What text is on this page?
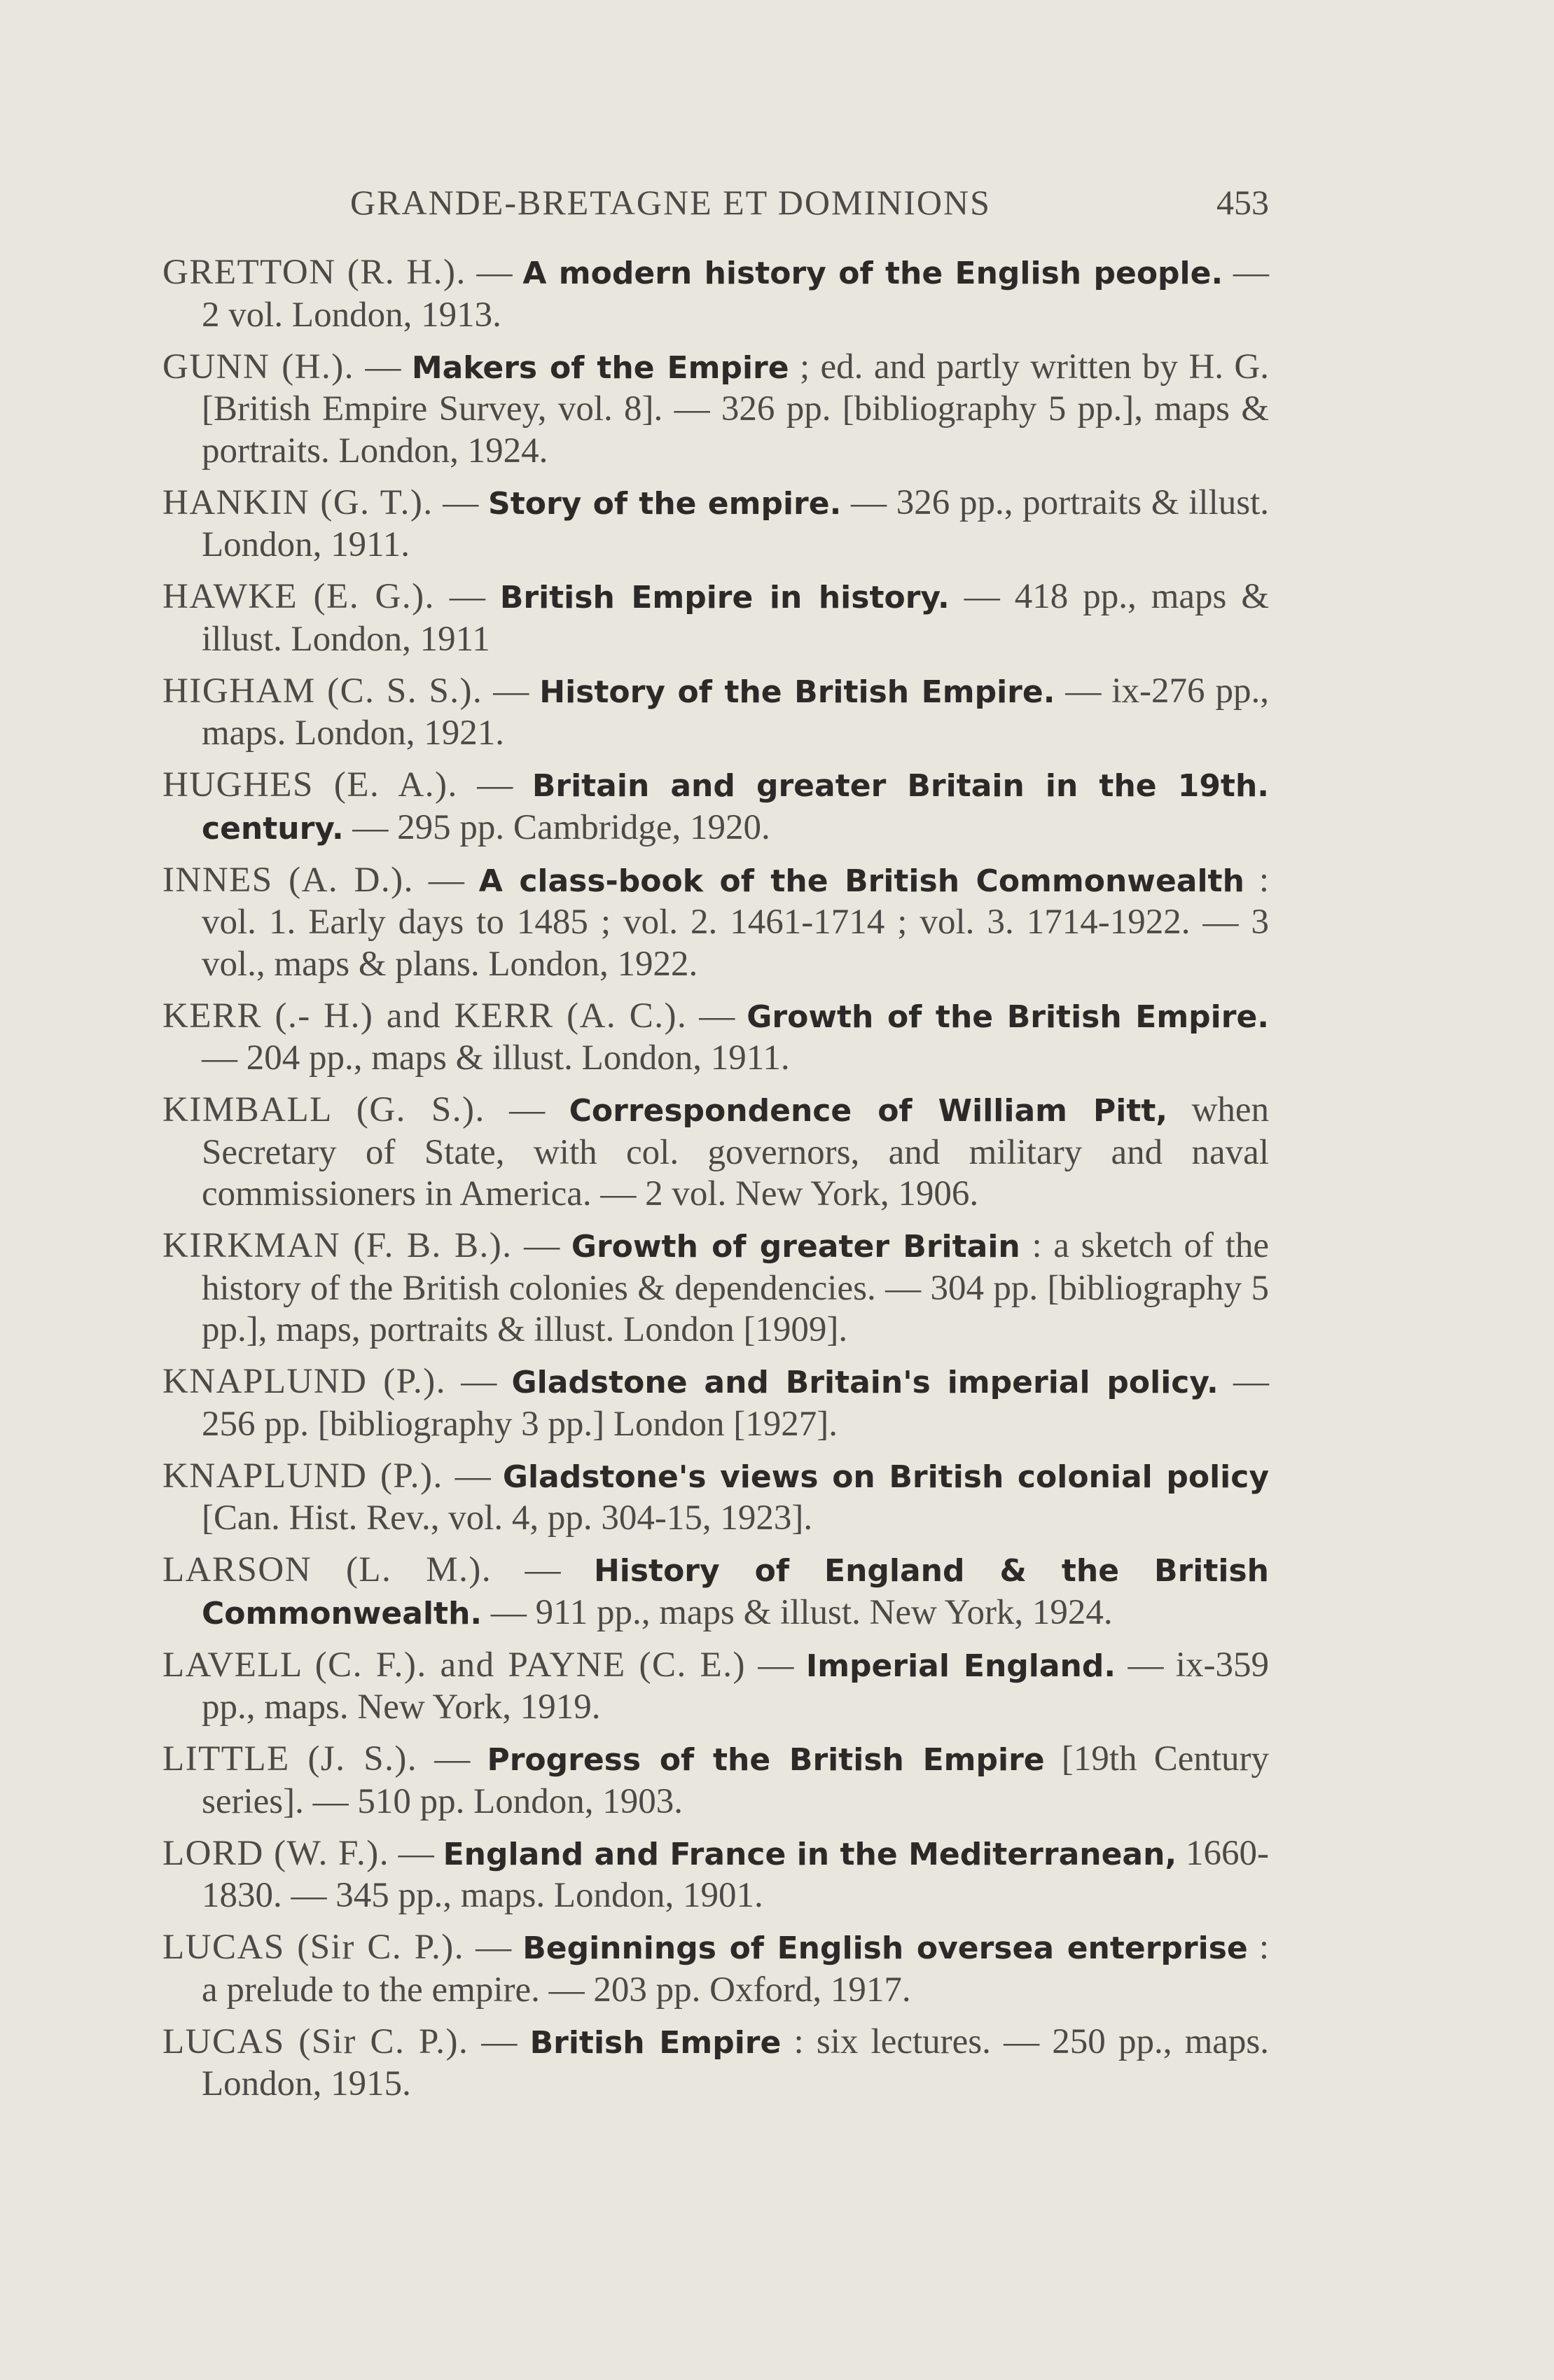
GRANDE-BRETAGNE ET DOMINIONS	453

GRETTON (R. H.). — A modern history of the English people. — 2 vol. London, 1913.

GUNN (H.). — Makers of the Empire ; ed. and partly written by H. G. [British Empire Survey, vol. 8]. — 326 pp. [bibliography 5 pp.], maps & portraits. London, 1924.

HANKIN (G. T.). — Story of the empire. — 326 pp., portraits & illust. London, 1911.

HAWKE (E. G.). — British Empire in history. — 418 pp., maps & illust. London, 1911

HIGHAM (C. S. S.). — History of the British Empire. — ix-276 pp., maps. London, 1921.

HUGHES (E. A.). — Britain and greater Britain in the 19th. century. — 295 pp. Cambridge, 1920.

INNES (A. D.). — A class-book of the British Commonwealth : vol. 1. Early days to 1485 ; vol. 2. 1461-1714 ; vol. 3. 1714-1922. — 3 vol., maps & plans. London, 1922.

KERR (.- H.) and KERR (A. C.). — Growth of the British Empire. — 204 pp., maps & illust. London, 1911.

KIMBALL (G. S.). — Correspondence of William Pitt, when Secretary of State, with col. governors, and military and naval commissioners in America. — 2 vol. New York, 1906.

KIRKMAN (F. B. B.). — Growth of greater Britain : a sketch of the history of the British colonies & dependencies. — 304 pp. [bibliography 5 pp.], maps, portraits & illust. London [1909].

KNAPLUND (P.). — Gladstone and Britain's imperial policy. — 256 pp. [bibliography 3 pp.] London [1927].

KNAPLUND (P.). — Gladstone's views on British colonial policy [Can. Hist. Rev., vol. 4, pp. 304-15, 1923].

LARSON (L. M.). — History of England & the British Commonwealth. — 911 pp., maps & illust. New York, 1924.

LAVELL (C. F.). and PAYNE (C. E.) — Imperial England. — ix-359 pp., maps. New York, 1919.

LITTLE (J. S.). — Progress of the British Empire [19th Century series]. — 510 pp. London, 1903.

LORD (W. F.). — England and France in the Mediterranean, 1660-1830. — 345 pp., maps. London, 1901.

LUCAS (Sir C. P.). — Beginnings of English oversea enterprise : a prelude to the empire. — 203 pp. Oxford, 1917.

LUCAS (Sir C. P.). — British Empire : six lectures. — 250 pp., maps. London, 1915.
